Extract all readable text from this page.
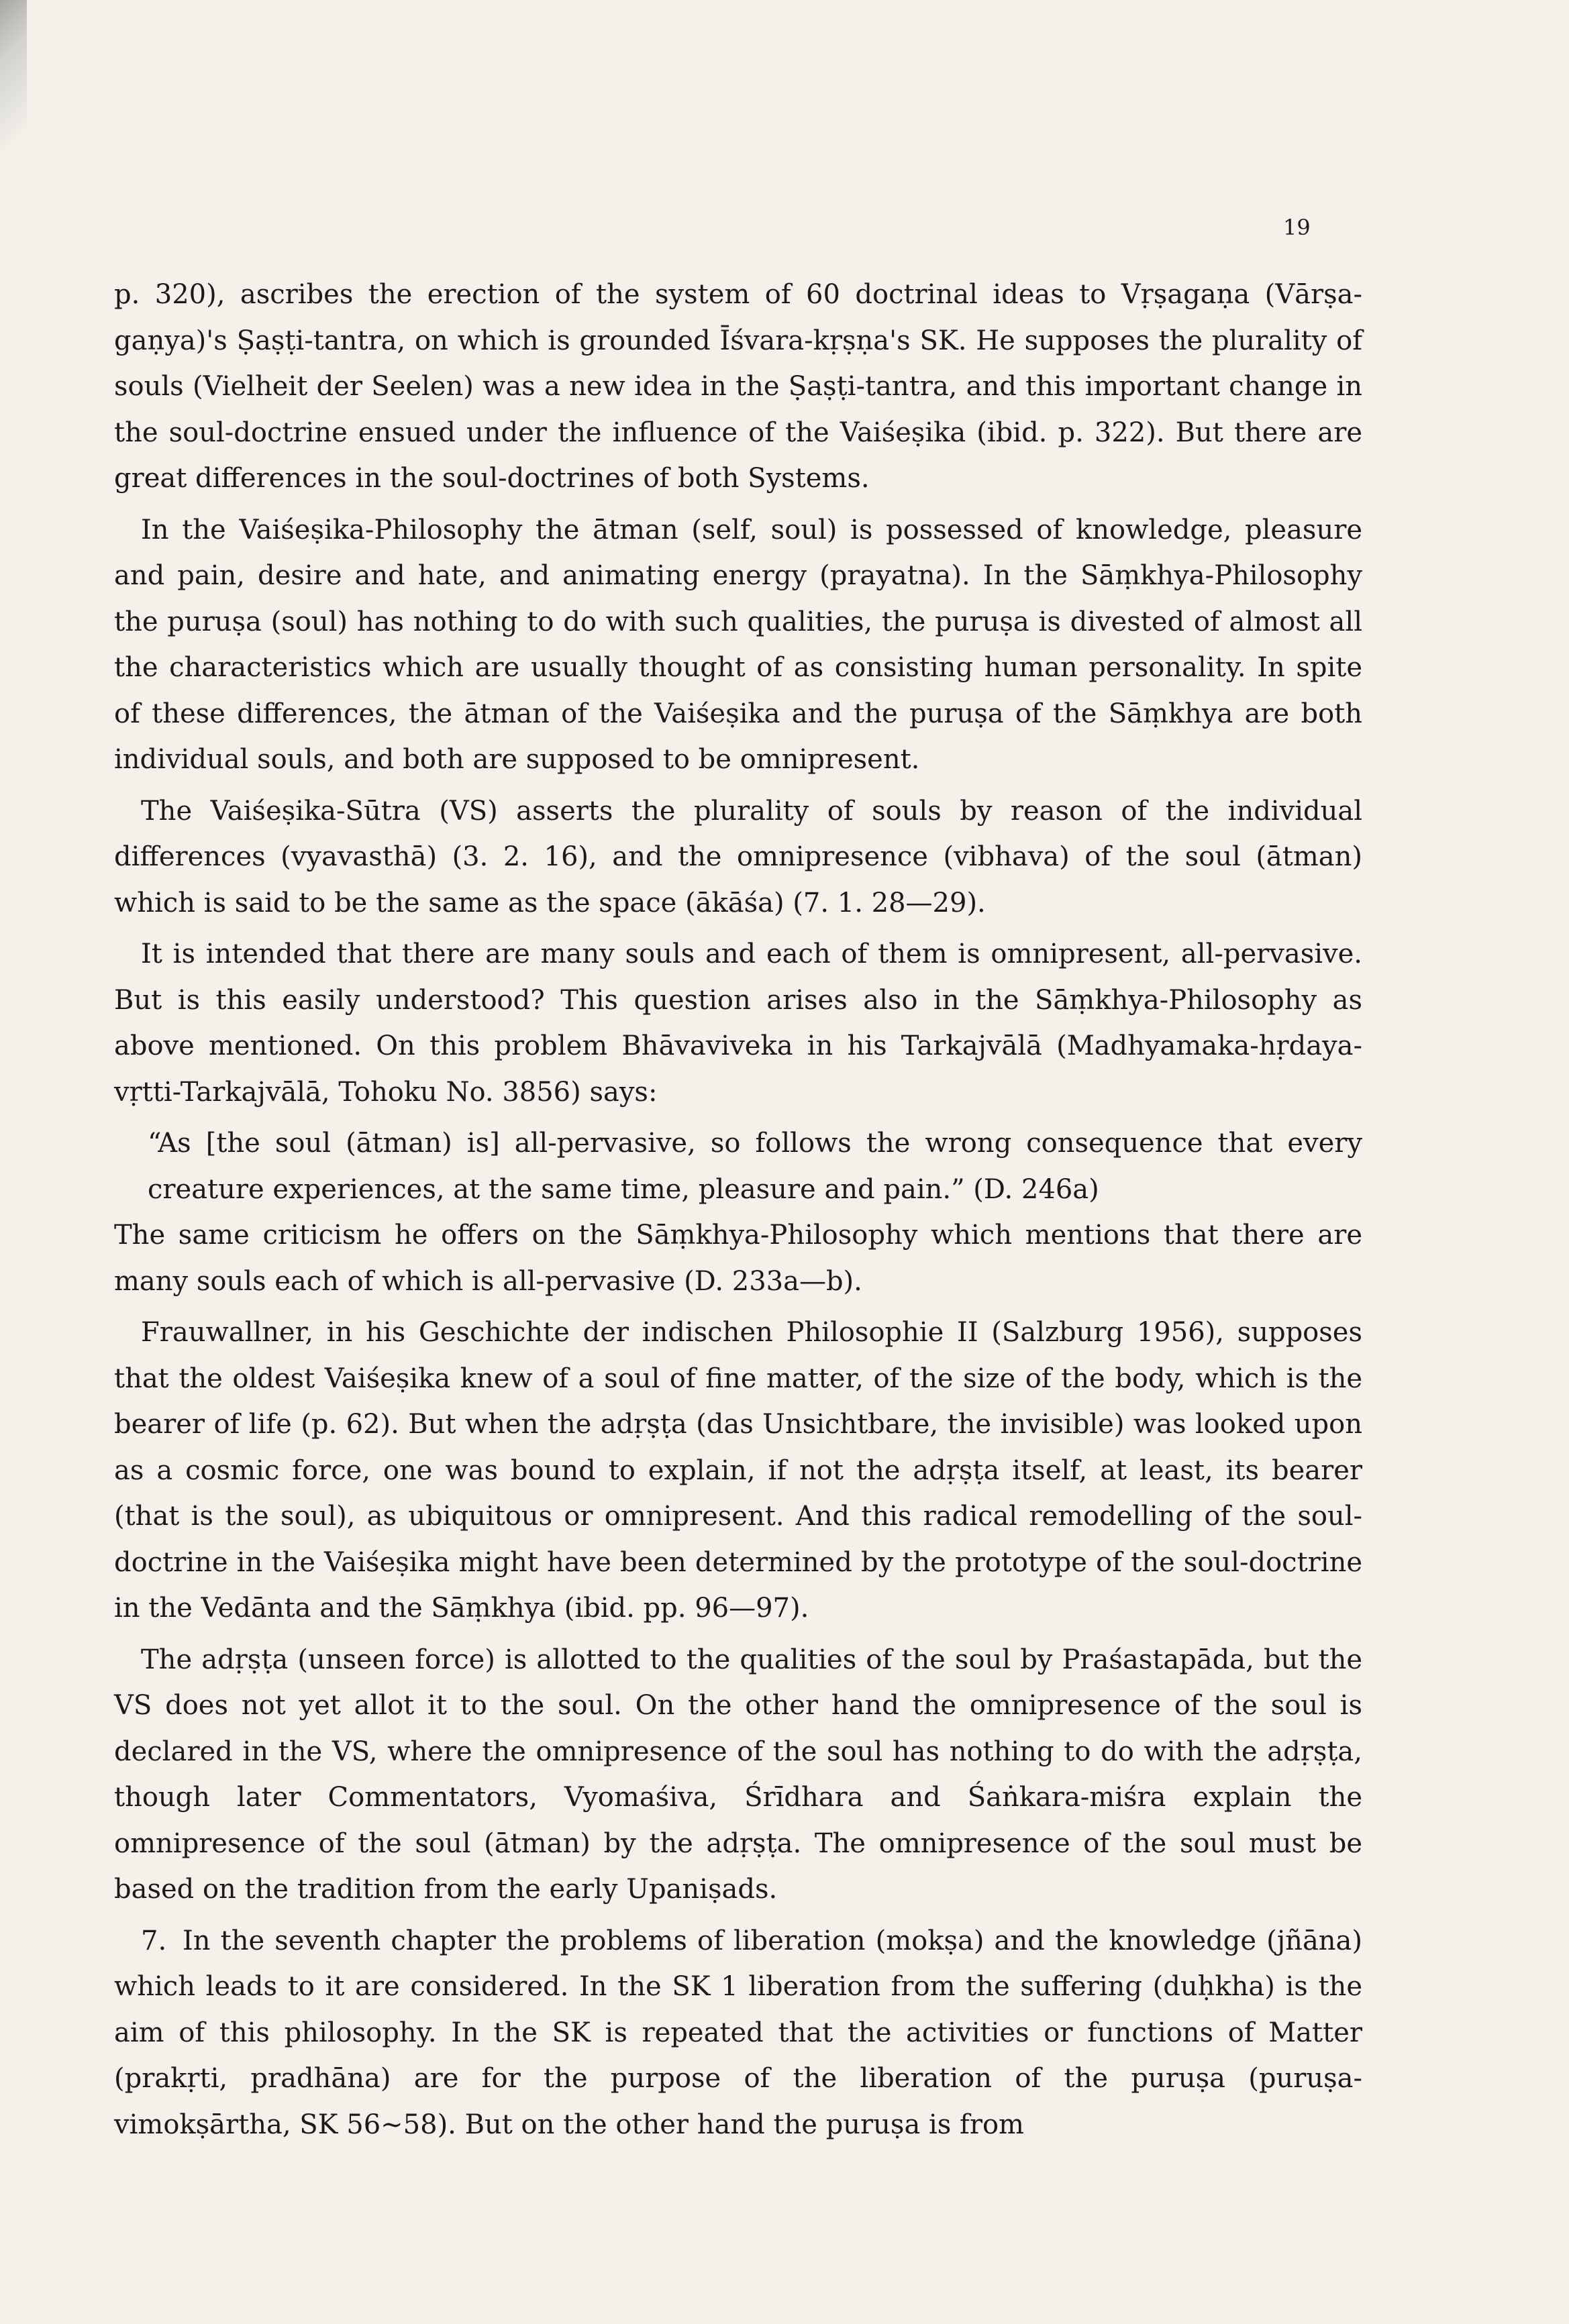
19

p. 320), ascribes the erection of the system of 60 doctrinal ideas to Vṛṣagaṇa (Vārṣa-gaṇya)'s Ṣaṣṭi-tantra, on which is grounded Īśvara-kṛṣṇa's SK. He supposes the plurality of souls (Vielheit der Seelen) was a new idea in the Ṣaṣṭi-tantra, and this important change in the soul-doctrine ensued under the influence of the Vaiśeṣika (ibid. p. 322). But there are great differences in the soul-doctrines of both Systems.

In the Vaiśeṣika-Philosophy the ātman (self, soul) is possessed of knowledge, pleasure and pain, desire and hate, and animating energy (prayatna). In the Sāṃkhya-Philosophy the puruṣa (soul) has nothing to do with such qualities, the puruṣa is divested of almost all the characteristics which are usually thought of as consisting human personality. In spite of these differences, the ātman of the Vaiśeṣika and the puruṣa of the Sāṃkhya are both individual souls, and both are supposed to be omnipresent.

The Vaiśeṣika-Sūtra (VS) asserts the plurality of souls by reason of the individual differences (vyavasthā) (3. 2. 16), and the omnipresence (vibhava) of the soul (ātman) which is said to be the same as the space (ākāśa) (7. 1. 28—29).

It is intended that there are many souls and each of them is omnipresent, all-pervasive. But is this easily understood? This question arises also in the Sāṃkhya-Philosophy as above mentioned. On this problem Bhāvaviveka in his Tarkajvālā (Madhyamaka-hṛdaya-vṛtti-Tarkajvālā, Tohoku No. 3856) says:

“As [the soul (ātman) is] all-pervasive, so follows the wrong consequence that every creature experiences, at the same time, pleasure and pain.” (D. 246a)

The same criticism he offers on the Sāṃkhya-Philosophy which mentions that there are many souls each of which is all-pervasive (D. 233a—b).

Frauwallner, in his Geschichte der indischen Philosophie II (Salzburg 1956), supposes that the oldest Vaiśeṣika knew of a soul of fine matter, of the size of the body, which is the bearer of life (p. 62). But when the adṛṣṭa (das Unsichtbare, the invisible) was looked upon as a cosmic force, one was bound to explain, if not the adṛṣṭa itself, at least, its bearer (that is the soul), as ubiquitous or omnipresent. And this radical remodelling of the soul-doctrine in the Vaiśeṣika might have been determined by the prototype of the soul-doctrine in the Vedānta and the Sāṃkhya (ibid. pp. 96—97).

The adṛṣṭa (unseen force) is allotted to the qualities of the soul by Praśastapāda, but the VS does not yet allot it to the soul. On the other hand the omnipresence of the soul is declared in the VS, where the omnipresence of the soul has nothing to do with the adṛṣṭa, though later Commentators, Vyomaśiva, Śrīdhara and Śaṅkara-miśra explain the omnipresence of the soul (ātman) by the adṛṣṭa. The omnipresence of the soul must be based on the tradition from the early Upaniṣads.

7. In the seventh chapter the problems of liberation (mokṣa) and the knowledge (jñāna) which leads to it are considered. In the SK 1 liberation from the suffering (duḥkha) is the aim of this philosophy. In the SK is repeated that the activities or functions of Matter (prakṛti, pradhāna) are for the purpose of the liberation of the puruṣa (puruṣa-vimokṣārtha, SK 56∼58). But on the other hand the puruṣa is from
